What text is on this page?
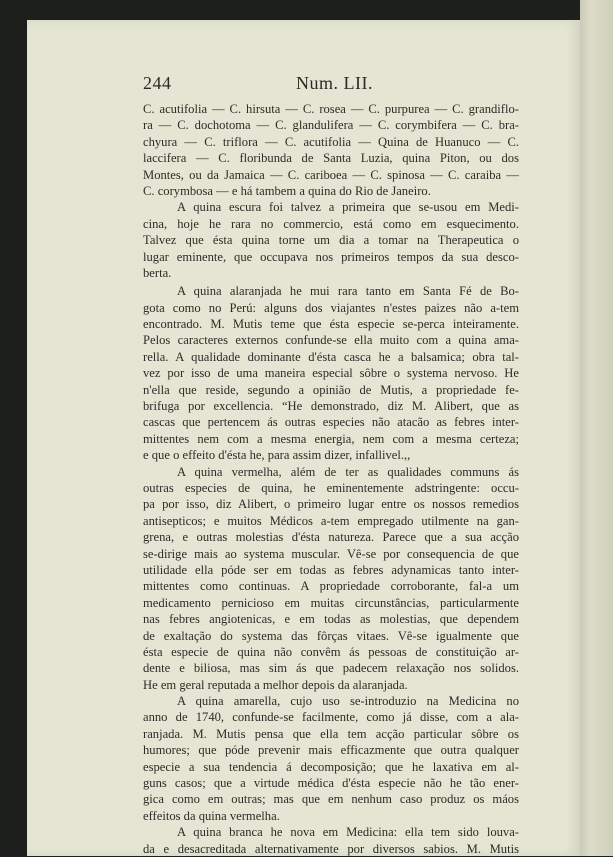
244	Num. LII.
C. acutifolia — C. hirsuta — C. rosea — C. purpurea — C. grandiflo-
ra — C. dochotoma — C. glandulifera — C. corymbifera — C. bra-
chyura — C. triflora — C. acutifolia — Quina de Huanuco — C.
laccifera — C. floribunda de Santa Luzia, quina Piton, ou dos
Montes, ou da Jamaica — C. cariboea — C. spinosa — C. caraiba —
C. corymbosa — e há tambem a quina do Rio de Janeiro.
A quina escura foi talvez a primeira que se-usou em Medi-
cina, hoje he rara no commercio, está como em esquecimento.
Talvez que ésta quina torne um dia a tomar na Therapeutica o
lugar eminente, que occupava nos primeiros tempos da sua desco-
berta.
A quina alaranjada he mui rara tanto em Santa Fé de Bo-
gota como no Perú: alguns dos viajantes n'estes paizes não a-tem
encontrado. M. Mutis teme que ésta especie se-perca inteiramente.
Pelos caracteres externos confunde-se ella muito com a quina ama-
rella. A qualidade dominante d'ésta casca he a balsamica; obra tal-
vez por isso de uma maneira especial sôbre o systema nervoso. He
n'ella que reside, segundo a opinião de Mutis, a propriedade fe-
brifuga por excellencia. “He demonstrado, diz M. Alibert, que as
cascas que pertencem ás outras especies não atacão as febres inter-
mittentes nem com a mesma energia, nem com a mesma certeza;
e que o effeito d'ésta he, para assim dizer, infallivel.,,
A quina vermelha, além de ter as qualidades communs ás
outras especies de quina, he eminentemente adstringente: occu-
pa por isso, diz Alibert, o primeiro lugar entre os nossos remedios
antisepticos; e muitos Médicos a-tem empregado utilmente na gan-
grena, e outras molestias d'ésta natureza. Parece que a sua acção
se-dirige mais ao systema muscular. Vê-se por consequencia de que
utilidade ella póde ser em todas as febres adynamicas tanto inter-
mittentes como continuas. A propriedade corroborante, fal-a um
medicamento pernicioso em muitas circunstâncias, particularmente
nas febres angiotenicas, e em todas as molestias, que dependem
de exaltação do systema das fôrças vitaes. Vê-se igualmente que
ésta especie de quina não convêm ás pessoas de constituição ar-
dente e biliosa, mas sim ás que padecem relaxação nos solidos.
He em geral reputada a melhor depois da alaranjada.
A quina amarella, cujo uso se-introduzio na Medicina no
anno de 1740, confunde-se facilmente, como já disse, com a ala-
ranjada. M. Mutis pensa que ella tem acção particular sôbre os
humores; que póde prevenir mais efficazmente que outra qualquer
especie a sua tendencia á decomposição; que he laxativa em al-
guns casos; que a virtude médica d'ésta especie não he tão ener-
gica como em outras; mas que em nenhum caso produz os máos
effeitos da quina vermelha.
A quina branca he nova em Medicina: ella tem sido louva-
da e desacreditada alternativamente por diversos sabios. M. Mutis
